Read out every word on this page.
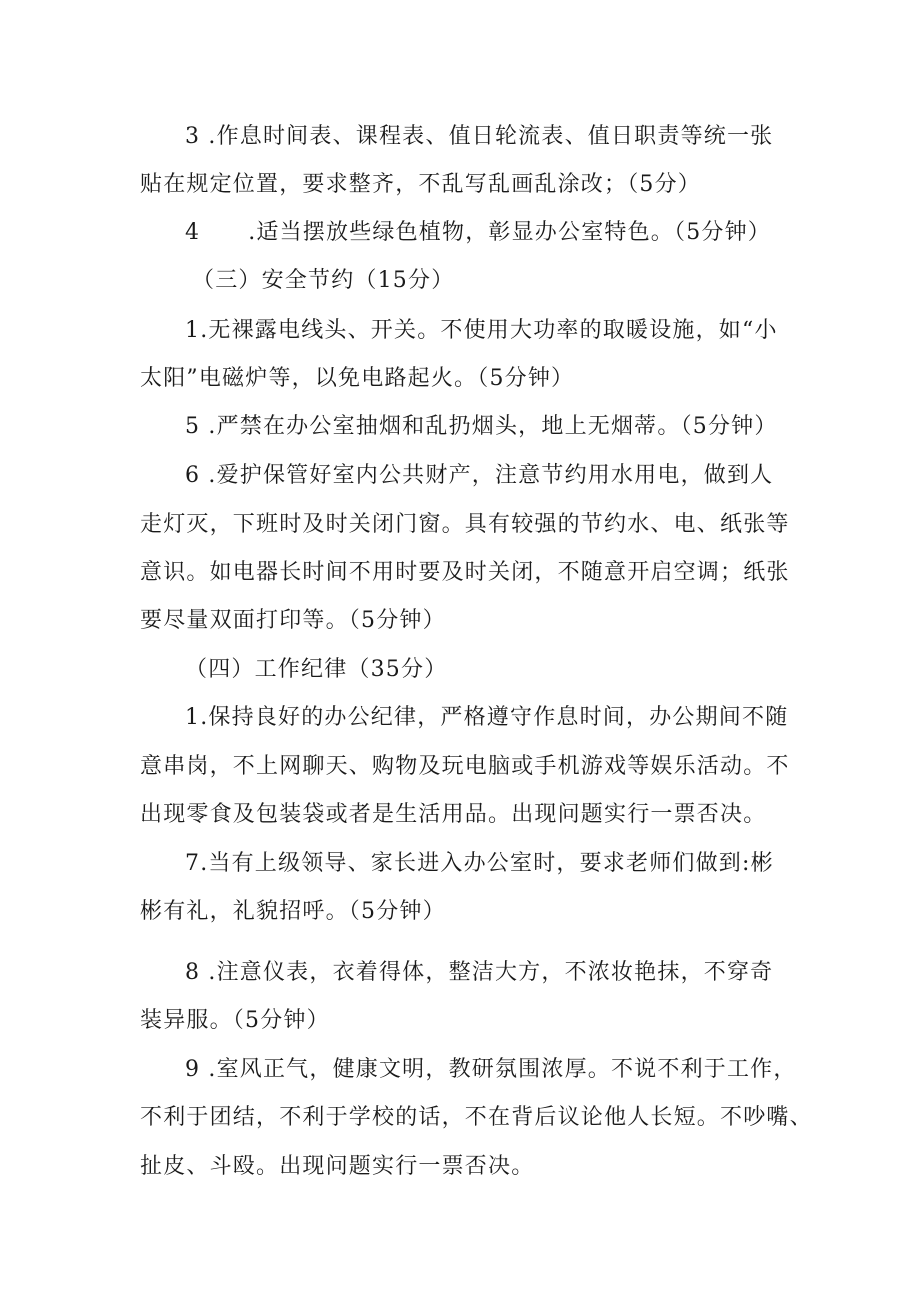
3 .作息时间表、课程表、值日轮流表、值日职责等统一张
贴在规定位置，要求整齐，不乱写乱画乱涂改；（5分）
4 .适当摆放些绿色植物，彰显办公室特色。（5分钟）
（三）安全节约（15分）
1.无裸露电线头、开关。不使用大功率的取暖设施，如“小
太阳”电磁炉等，以免电路起火。（5分钟）
5 .严禁在办公室抽烟和乱扔烟头，地上无烟蒂。（5分钟）
6 .爱护保管好室内公共财产，注意节约用水用电，做到人
走灯灭，下班时及时关闭门窗。具有较强的节约水、电、纸张等
意识。如电器长时间不用时要及时关闭，不随意开启空调；纸张
要尽量双面打印等。（5分钟）
（四）工作纪律（35分）
1.保持良好的办公纪律，严格遵守作息时间，办公期间不随
意串岗，不上网聊天、购物及玩电脑或手机游戏等娱乐活动。不
出现零食及包装袋或者是生活用品。出现问题实行一票否决。
7.当有上级领导、家长进入办公室时，要求老师们做到:彬
彬有礼，礼貌招呼。（5分钟）
8 .注意仪表，衣着得体，整洁大方，不浓妆艳抹，不穿奇
装异服。（5分钟）
9 .室风正气，健康文明，教研氛围浓厚。不说不利于工作，
不利于团结，不利于学校的话，不在背后议论他人长短。不吵嘴、
扯皮、斗殴。出现问题实行一票否决。
